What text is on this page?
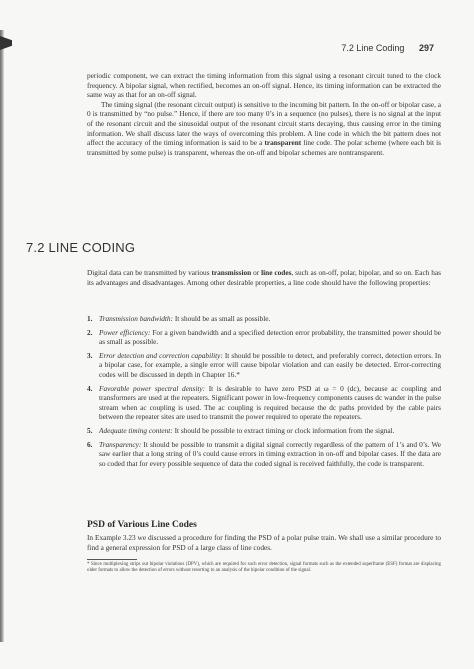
7.2 Line Coding 297

periodic component, we can extract the timing information from this signal using a resonant circuit tuned to the clock frequency. A bipolar signal, when rectified, becomes an on-off signal. Hence, its timing information can be extracted the same way as that for an on-off signal.

The timing signal (the resonant circuit output) is sensitive to the incoming bit pattern. In the on-off or bipolar case, a 0 is transmitted by “no pulse.” Hence, if there are too many 0’s in a sequence (no pulses), there is no signal at the input of the resonant circuit and the sinusoidal output of the resonant circuit starts decaying, thus causing error in the timing information. We shall discuss later the ways of overcoming this problem. A line code in which the bit pattern does not affect the accuracy of the timing information is said to be a transparent line code. The polar scheme (where each bit is transmitted by some pulse) is transparent, whereas the on-off and bipolar schemes are nontransparent.

7.2 LINE CODING
Digital data can be transmitted by various transmission or line codes, such as on-off, polar, bipolar, and so on. Each has its advantages and disadvantages. Among other desirable properties, a line code should have the following properties:
1. Transmission bandwidth: It should be as small as possible.
2. Power efficiency: For a given bandwidth and a specified detection error probability, the transmitted power should be as small as possible.
3. Error detection and correction capability: It should be possible to detect, and preferably correct, detection errors. In a bipolar case, for example, a single error will cause bipolar violation and can easily be detected. Error-correcting codes will be discussed in depth in Chapter 16.*
4. Favorable power spectral density: It is desirable to have zero PSD at ω = 0 (dc), because ac coupling and transformers are used at the repeaters. Significant power in low-frequency components causes dc wander in the pulse stream when ac coupling is used. The ac coupling is required because the dc paths provided by the cable pairs between the repeater sites are used to transmit the power required to operate the repeaters.
5. Adequate timing content: It should be possible to extract timing or clock information from the signal.
6. Transparency: It should be possible to transmit a digital signal correctly regardless of the pattern of 1’s and 0’s. We saw earlier that a long string of 0’s could cause errors in timing extraction in on-off and bipolar cases. If the data are so coded that for every possible sequence of data the coded signal is received faithfully, the code is transparent.
PSD of Various Line Codes
In Example 3.23 we discussed a procedure for finding the PSD of a polar pulse train. We shall use a similar procedure to find a general expression for PSD of a large class of line codes.
* Since multiplexing strips out bipolar violations (DPV), which are required for such error detection, signal formats such as the extended superframe (ESF) format are displacing older formats to allow the detection of errors without resorting to an analysis of the bipolar condition of the signal.
